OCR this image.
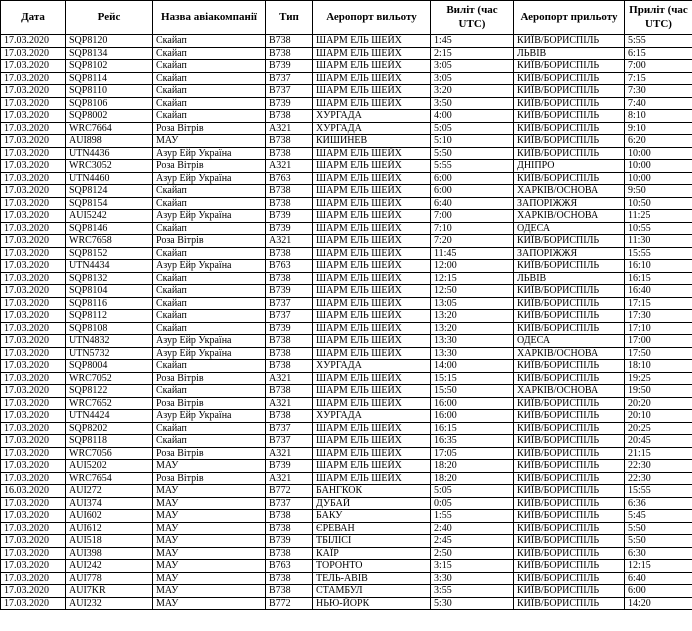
Дата	Рейс	Назва авіакомпанії	Тип	Аеропорт вильоту	Виліт (час UTC)	Аеропорт прильоту	Приліт (час UTC)
17.03.2020	SQP8120	Скайап	B738	ШАРМ ЕЛЬ ШЕЙХ	1:45	КИЇВ/БОРИСПІЛЬ	5:55
17.03.2020	SQP8134	Скайап	B738	ШАРМ ЕЛЬ ШЕЙХ	2:15	ЛЬВІВ	6:15
17.03.2020	SQP8102	Скайап	B739	ШАРМ ЕЛЬ ШЕЙХ	3:05	КИЇВ/БОРИСПІЛЬ	7:00
17.03.2020	SQP8114	Скайап	B737	ШАРМ ЕЛЬ ШЕЙХ	3:05	КИЇВ/БОРИСПІЛЬ	7:15
17.03.2020	SQP8110	Скайап	B737	ШАРМ ЕЛЬ ШЕЙХ	3:20	КИЇВ/БОРИСПІЛЬ	7:30
17.03.2020	SQP8106	Скайап	B739	ШАРМ ЕЛЬ ШЕЙХ	3:50	КИЇВ/БОРИСПІЛЬ	7:40
17.03.2020	SQP8002	Скайап	B738	ХУРГАДА	4:00	КИЇВ/БОРИСПІЛЬ	8:10
17.03.2020	WRC7664	Роза Вітрів	A321	ХУРГАДА	5:05	КИЇВ/БОРИСПІЛЬ	9:10
17.03.2020	AUI898	МАУ	B738	КИШИНЕВ	5:10	КИЇВ/БОРИСПІЛЬ	6:20
17.03.2020	UTN4436	Азур Ейр Україна	B738	ШАРМ ЕЛЬ ШЕЙХ	5:50	КИЇВ/БОРИСПІЛЬ	10:00
17.03.2020	WRC3052	Роза Вітрів	A321	ШАРМ ЕЛЬ ШЕЙХ	5:55	ДНІПРО	10:00
17.03.2020	UTN4460	Азур Ейр Україна	B763	ШАРМ ЕЛЬ ШЕЙХ	6:00	КИЇВ/БОРИСПІЛЬ	10:00
17.03.2020	SQP8124	Скайап	B738	ШАРМ ЕЛЬ ШЕЙХ	6:00	ХАРКІВ/ОСНОВА	9:50
17.03.2020	SQP8154	Скайап	B738	ШАРМ ЕЛЬ ШЕЙХ	6:40	ЗАПОРІЖЖЯ	10:50
17.03.2020	AUI5242	Азур Ейр Україна	B739	ШАРМ ЕЛЬ ШЕЙХ	7:00	ХАРКІВ/ОСНОВА	11:25
17.03.2020	SQP8146	Скайап	B739	ШАРМ ЕЛЬ ШЕЙХ	7:10	ОДЕСА	10:55
17.03.2020	WRC7658	Роза Вітрів	A321	ШАРМ ЕЛЬ ШЕЙХ	7:20	КИЇВ/БОРИСПІЛЬ	11:30
17.03.2020	SQP8152	Скайап	B738	ШАРМ ЕЛЬ ШЕЙХ	11:45	ЗАПОРІЖЖЯ	15:55
17.03.2020	UTN4434	Азур Ейр Україна	B763	ШАРМ ЕЛЬ ШЕЙХ	12:00	КИЇВ/БОРИСПІЛЬ	16:10
17.03.2020	SQP8132	Скайап	B738	ШАРМ ЕЛЬ ШЕЙХ	12:15	ЛЬВІВ	16:15
17.03.2020	SQP8104	Скайап	B739	ШАРМ ЕЛЬ ШЕЙХ	12:50	КИЇВ/БОРИСПІЛЬ	16:40
17.03.2020	SQP8116	Скайап	B737	ШАРМ ЕЛЬ ШЕЙХ	13:05	КИЇВ/БОРИСПІЛЬ	17:15
17.03.2020	SQP8112	Скайап	B737	ШАРМ ЕЛЬ ШЕЙХ	13:20	КИЇВ/БОРИСПІЛЬ	17:30
17.03.2020	SQP8108	Скайап	B739	ШАРМ ЕЛЬ ШЕЙХ	13:20	КИЇВ/БОРИСПІЛЬ	17:10
17.03.2020	UTN4832	Азур Ейр Україна	B738	ШАРМ ЕЛЬ ШЕЙХ	13:30	ОДЕСА	17:00
17.03.2020	UTN5732	Азур Ейр Україна	B738	ШАРМ ЕЛЬ ШЕЙХ	13:30	ХАРКІВ/ОСНОВА	17:50
17.03.2020	SQP8004	Скайап	B738	ХУРГАДА	14:00	КИЇВ/БОРИСПІЛЬ	18:10
17.03.2020	WRC7052	Роза Вітрів	A321	ШАРМ ЕЛЬ ШЕЙХ	15:15	КИЇВ/БОРИСПІЛЬ	19:25
17.03.2020	SQP8122	Скайап	B738	ШАРМ ЕЛЬ ШЕЙХ	15:50	ХАРКІВ/ОСНОВА	19:50
17.03.2020	WRC7652	Роза Вітрів	A321	ШАРМ ЕЛЬ ШЕЙХ	16:00	КИЇВ/БОРИСПІЛЬ	20:20
17.03.2020	UTN4424	Азур Ейр Україна	B738	ХУРГАДА	16:00	КИЇВ/БОРИСПІЛЬ	20:10
17.03.2020	SQP8202	Скайап	B737	ШАРМ ЕЛЬ ШЕЙХ	16:15	КИЇВ/БОРИСПІЛЬ	20:25
17.03.2020	SQP8118	Скайап	B737	ШАРМ ЕЛЬ ШЕЙХ	16:35	КИЇВ/БОРИСПІЛЬ	20:45
17.03.2020	WRC7056	Роза Вітрів	A321	ШАРМ ЕЛЬ ШЕЙХ	17:05	КИЇВ/БОРИСПІЛЬ	21:15
17.03.2020	AUI5202	МАУ	B739	ШАРМ ЕЛЬ ШЕЙХ	18:20	КИЇВ/БОРИСПІЛЬ	22:30
17.03.2020	WRC7654	Роза Вітрів	A321	ШАРМ ЕЛЬ ШЕЙХ	18:20	КИЇВ/БОРИСПІЛЬ	22:30
16.03.2020	AUI272	МАУ	B772	БАНГКОК	5:05	КИЇВ/БОРИСПІЛЬ	15:55
17.03.2020	AUI374	МАУ	B737	ДУБАЙ	0:05	КИЇВ/БОРИСПІЛЬ	6:36
17.03.2020	AUI602	МАУ	B738	БАКУ	1:55	КИЇВ/БОРИСПІЛЬ	5:45
17.03.2020	AUI612	МАУ	B738	ЄРЕВАН	2:40	КИЇВ/БОРИСПІЛЬ	5:50
17.03.2020	AUI518	МАУ	B739	ТБІЛІСІ	2:45	КИЇВ/БОРИСПІЛЬ	5:50
17.03.2020	AUI398	МАУ	B738	КАЇР	2:50	КИЇВ/БОРИСПІЛЬ	6:30
17.03.2020	AUI242	МАУ	B763	ТОРОНТО	3:15	КИЇВ/БОРИСПІЛЬ	12:15
17.03.2020	AUI778	МАУ	B738	ТЕЛЬ-АВІВ	3:30	КИЇВ/БОРИСПІЛЬ	6:40
17.03.2020	AUI7KR	МАУ	B738	СТАМБУЛ	3:55	КИЇВ/БОРИСПІЛЬ	6:00
17.03.2020	AUI232	МАУ	B772	НЬЮ-ЙОРК	5:30	КИЇВ/БОРИСПІЛЬ	14:20
